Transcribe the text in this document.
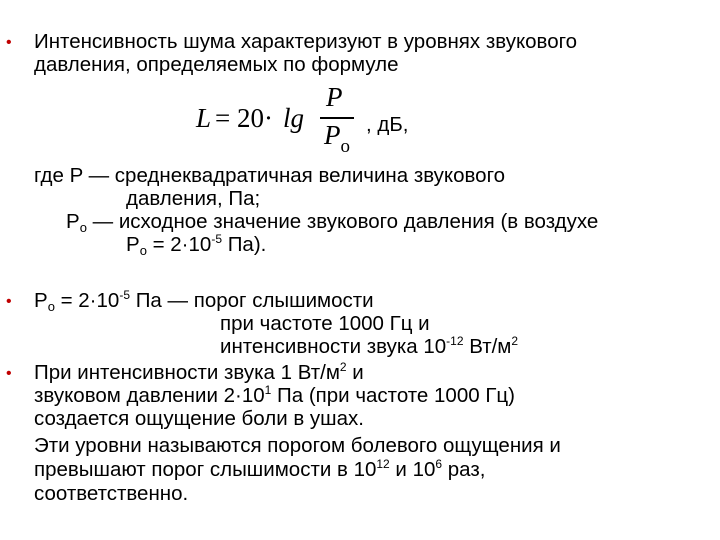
• Интенсивность шума характеризуют в уровнях звукового
давления, определяемых по формуле
L = 20· lg
P
$P_o$
, дБ,
где P — среднеквадратичная величина звукового
давления, Па;
$P_o$ — исходное значение звукового давления (в воздухе
$P_o = 2\cdot 10^{-5}$ Па).
• $P_o = 2\cdot 10^{-5}$ Па — порог слышимости
при частоте 1000 Гц и
интенсивности звука $10^{-12}$ $Вт/м^2$
• При интенсивности звука 1 $Вт/м^2$ и
звуковом давлении $2\cdot 10^1$ Па (при частоте 1000 Гц)
создается ощущение боли в ушах.
Эти уровни называются порогом болевого ощущения и
превышают порог слышимости в $10^{12}$ и $10^6$ раз,
соответственно.
